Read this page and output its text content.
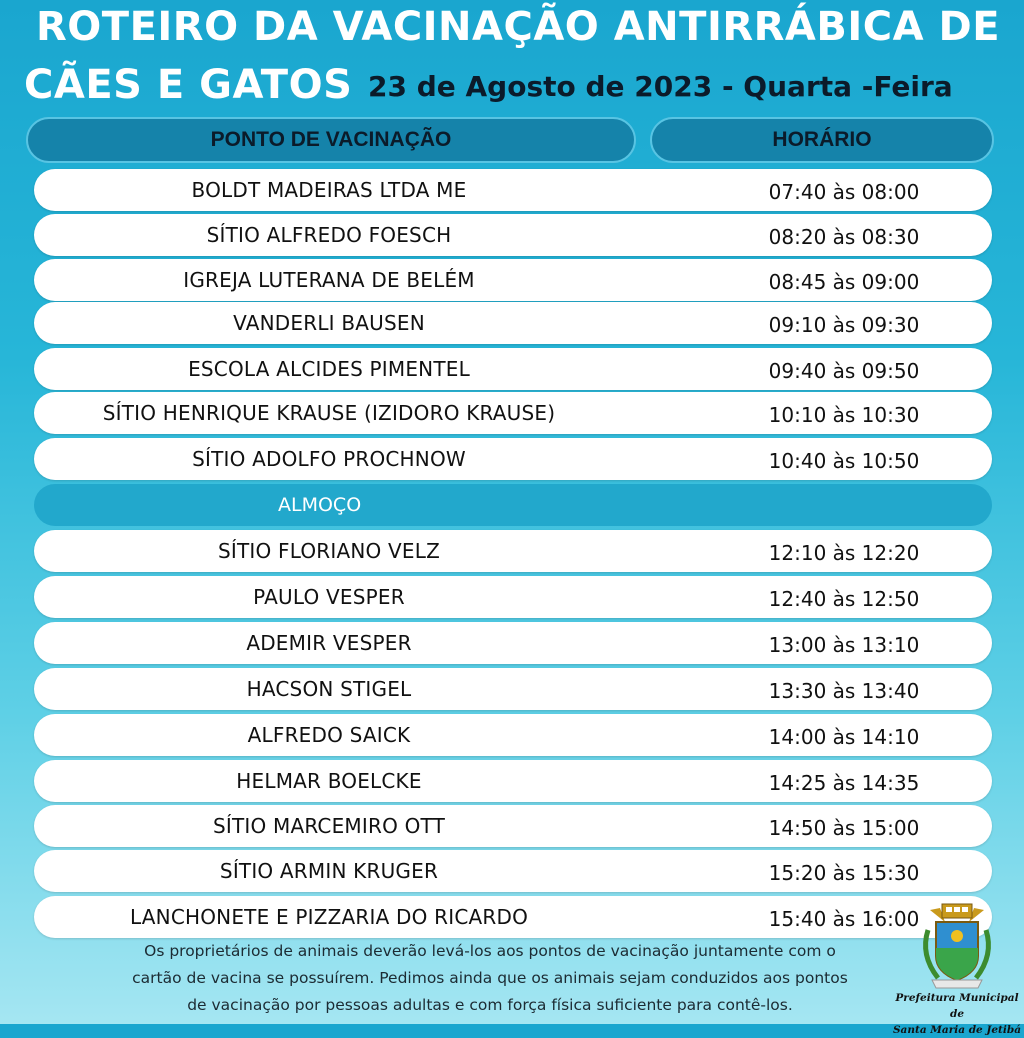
ROTEIRO DA VACINAÇÃO ANTIRRÁBICA DE
CÃES E GATOS 23 de Agosto de 2023 - Quarta -Feira
PONTO DE VACINAÇÃO	HORÁRIO
BOLDT MADEIRAS LTDA ME	07:40 às 08:00
SÍTIO ALFREDO FOESCH	08:20 às 08:30
IGREJA LUTERANA DE BELÉM	08:45 às 09:00
VANDERLI BAUSEN	09:10 às 09:30
ESCOLA ALCIDES PIMENTEL	09:40 às 09:50
SÍTIO HENRIQUE KRAUSE (IZIDORO KRAUSE)	10:10 às 10:30
SÍTIO ADOLFO PROCHNOW	10:40 às 10:50
ALMOÇO
SÍTIO FLORIANO VELZ	12:10 às 12:20
PAULO VESPER	12:40 às 12:50
ADEMIR VESPER	13:00 às 13:10
HACSON STIGEL	13:30 às 13:40
ALFREDO SAICK	14:00 às 14:10
HELMAR BOELCKE	14:25 às 14:35
SÍTIO MARCEMIRO OTT	14:50 às 15:00
SÍTIO ARMIN KRUGER	15:20 às 15:30
LANCHONETE E PIZZARIA DO RICARDO	15:40 às 16:00
Os proprietários de animais deverão levá-los aos pontos de vacinação juntamente com o
cartão de vacina se possuírem. Pedimos ainda que os animais sejam conduzidos aos pontos
de vacinação por pessoas adultas e com força física suficiente para contê-los.	Prefeitura Municipal de
Santa Maria de Jetibá
